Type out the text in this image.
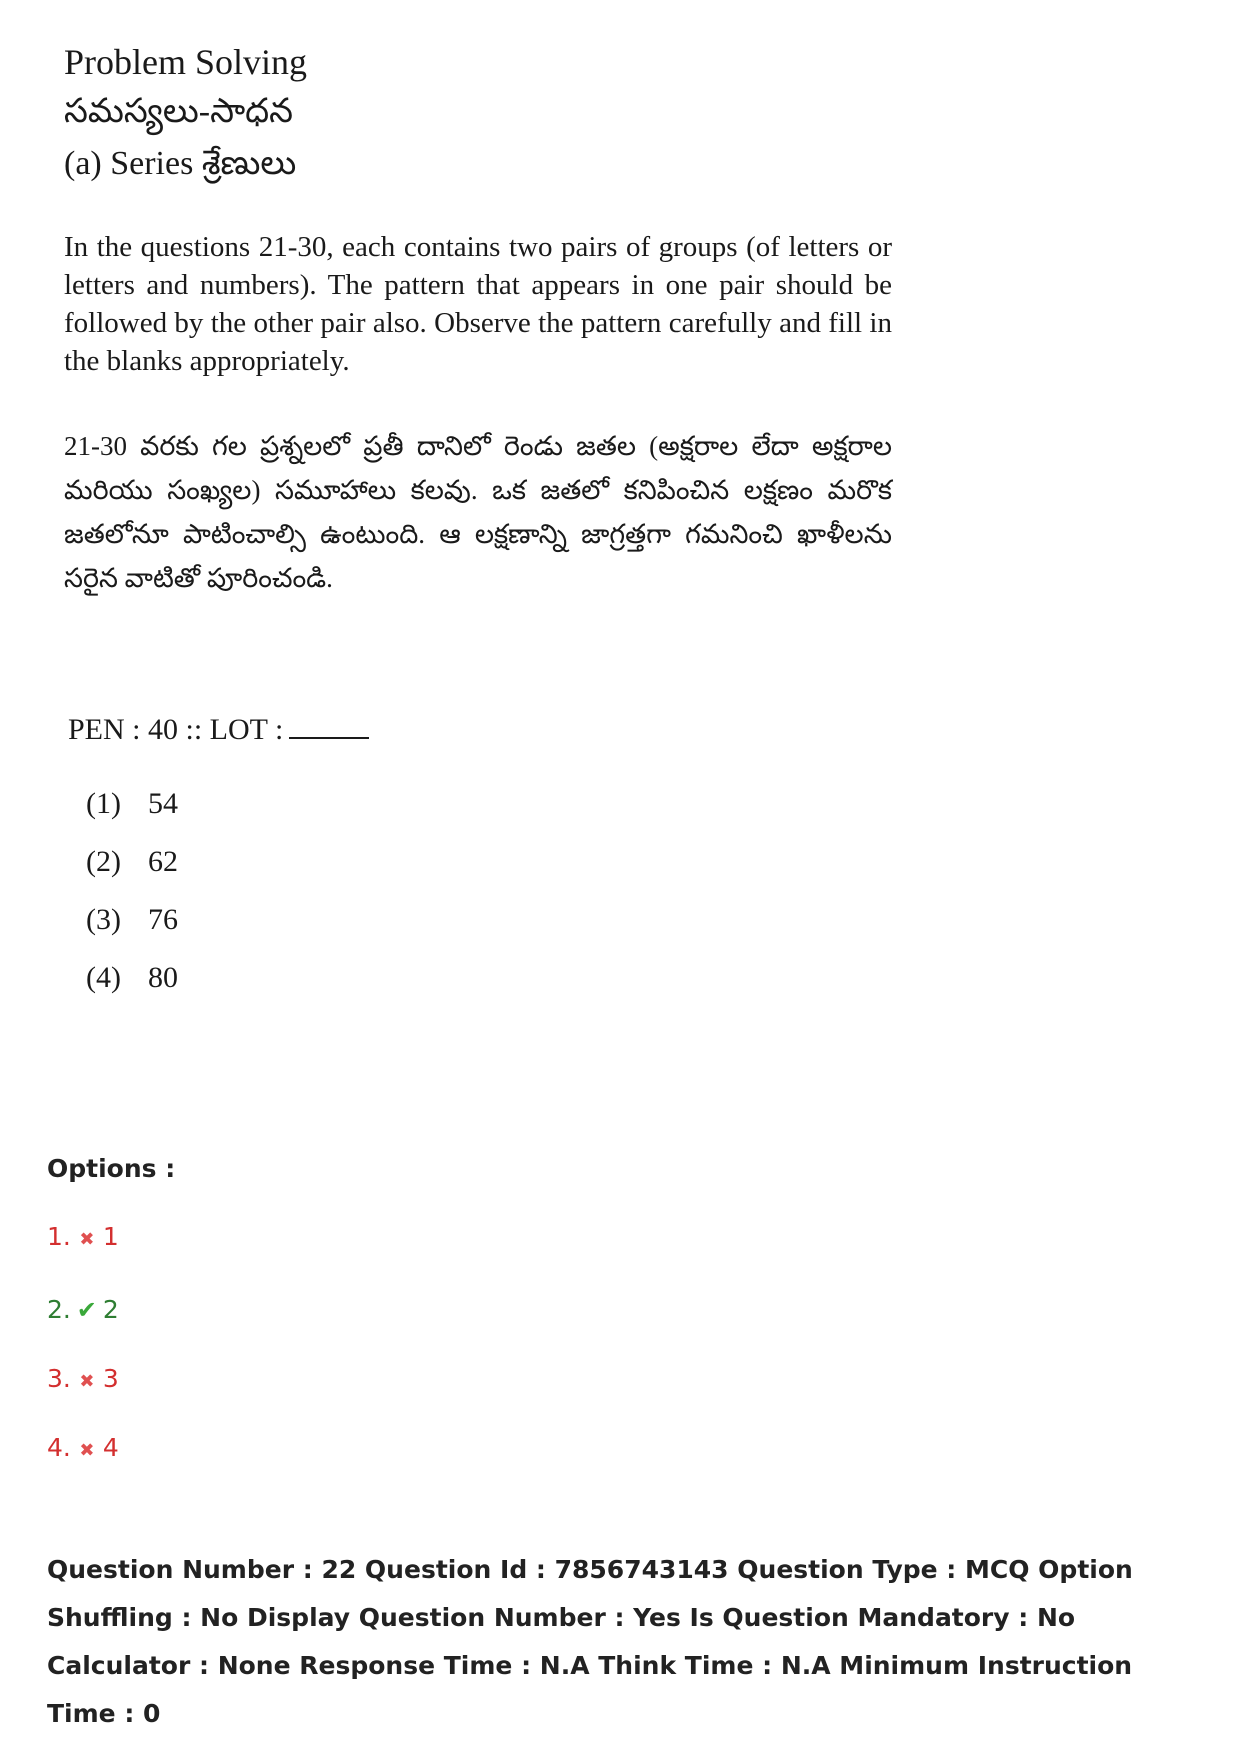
Problem Solving
సమస్యలు-సాధన
(a) Series శ్రేణులు
In the questions 21-30, each contains two pairs of groups (of letters or letters and numbers). The pattern that appears in one pair should be followed by the other pair also. Observe the pattern carefully and fill in the blanks appropriately.
21-30 వరకు గల ప్రశ్నలలో ప్రతీ దానిలో రెండు జతల (అక్షరాల లేదా అక్షరాల మరియు సంఖ్యల) సమూహాలు కలవు. ఒక జతలో కనిపించిన లక్షణం మరొక జతలోనూ పాటించాల్సి ఉంటుంది. ఆ లక్షణాన్ని జాగ్రత్తగా గమనించి ఖాళీలను సరైన వాటితో పూరించండి.
PEN : 40 :: LOT :
(1) 54
(2) 62
(3) 76
(4) 80
Options :
1. ✖ 1
2. ✔ 2
3. ✖ 3
4. ✖ 4
Question Number : 22 Question Id : 7856743143 Question Type : MCQ Option Shuffling : No Display Question Number : Yes Is Question Mandatory : No Calculator : None Response Time : N.A Think Time : N.A Minimum Instruction Time : 0
